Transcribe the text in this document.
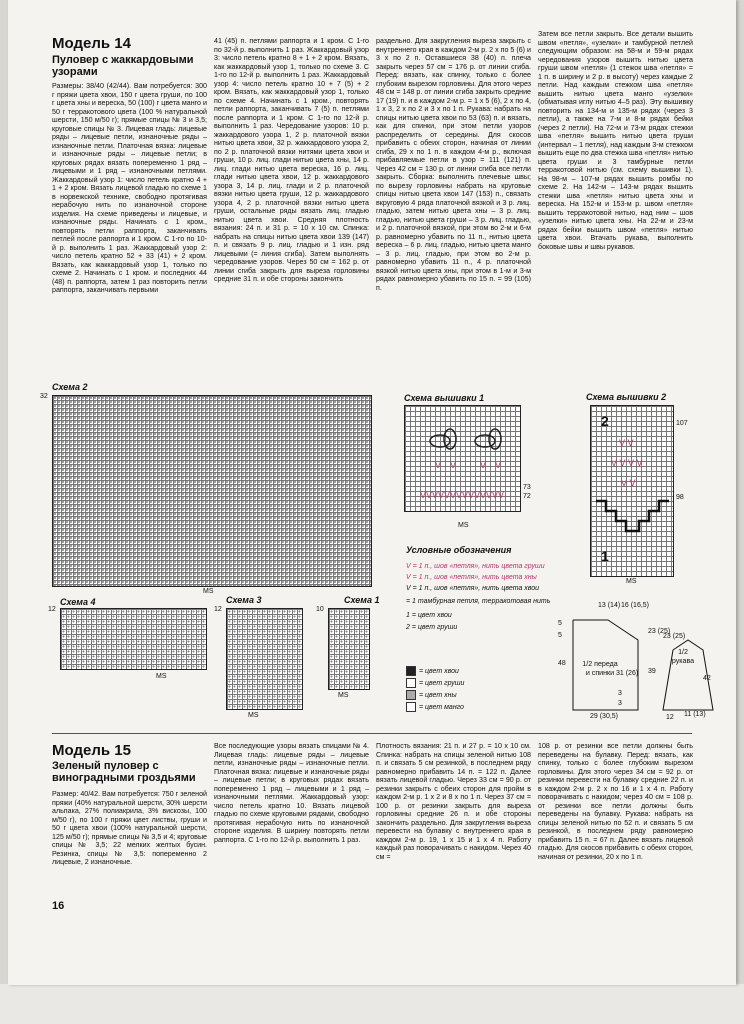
Модель 14
Пуловер с жаккардовыми узорами
Размеры: 38/40 (42/44). Вам потребуется: 300 г пряжи цвета хвои, 150 г цвета груши, по 100 г цвета хны и вереска, 50 (100) г цвета манго и 50 г терракотового цвета (100 % натуральной шерсти, 150 м/50 г); прямые спицы № 3 и 3,5; круговые спицы № 3. Лицевая гладь: лицевые ряды – лицевые петли, изнаночные ряды – изнаночные петли. Платочная вязка: лицевые и изнаночные ряды – лицевые петли; в круговых рядах вязать попеременно 1 ряд – лицевыми и 1 ряд – изнаночными петлями. Жаккардовый узор 1: число петель кратно 4 + 1 + 2 кром. Вязать лицевой гладью по схеме 1 в норвежской технике, свободно протягивая нерабочую нить по изнаночной стороне изделия. На схеме приведены и лицевые, и изнаночные ряды. Начинать с 1 кром., повторять петли раппорта, заканчивать петлей после раппорта и 1 кром. С 1-го по 10-й р. выполнить 1 раз. Жаккардовый узор 2: число петель кратно 52 + 33 (41) + 2 кром. Вязать, как жаккардовый узор 1, только по схеме 2. Начинать с 1 кром. и последних 44 (48) п. раппорта, затем 1 раз повторить петли раппорта, заканчивать первыми
41 (45) п. петлями раппорта и 1 кром. С 1-го по 32-й р. выполнить 1 раз. Жаккардовый узор 3: число петель кратно 8 + 1 + 2 кром. Вязать, как жаккардовый узор 1, только по схеме 3. С 1-го по 12-й р. выполнить 1 раз. Жаккардовый узор 4: число петель кратно 10 + 7 (5) + 2 кром. Вязать, как жаккардовый узор 1, только по схеме 4. Начинать с 1 кром., повторять петли раппорта, заканчивать 7 (5) п. петлями после раппорта и 1 кром. С 1-го по 12-й р. выполнить 1 раз. Чередование узоров: 10 р. жаккардового узора 1, 2 р. платочной вязки нитью цвета хвои, 32 р. жаккардового узора 2, по 2 р. платочной вязки нитями цвета хвои и груши, 10 р. лиц. глади нитью цвета хны, 14 р. лиц. глади нитью цвета вереска, 16 р. лиц. глади нитью цвета хвои, 12 р. жаккардового узора 3, 14 р. лиц. глади и 2 р. платочной вязки нитью цвета груши, 12 р. жаккардового узора 4, 2 р. платочной вязки нитью цвета груши, остальные ряды вязать лиц. гладью нитью цвета хвои. Средняя плотность вязания: 24 п. и 31 р. = 10 х 10 см. Спинка: набрать на спицы нитью цвета хвои 139 (147) п. и связать 9 р. лиц. гладью и 1 изн. ряд лицевыми (= линия сгиба). Затем выполнять чередование узоров. Через 50 см = 162 р. от линии сгиба закрыть для выреза горловины средние 31 п. и обе стороны закончить
раздельно. Для закругления выреза закрыть с внутреннего края в каждом 2-м р. 2 х по 5 (6) и 3 х по 2 п. Оставшиеся 38 (40) п. плеча закрыть через 57 см = 176 р. от линии сгиба. Перед: вязать, как спинку, только с более глубоким вырезом горловины. Для этого через 48 см = 148 р. от линии сгиба закрыть средние 17 (19) п. и в каждом 2-м р. = 1 х 5 (6), 2 х по 4, 1 х 3, 2 х по 2 и 3 х по 1 п. Рукава: набрать на спицы нитью цвета хвои по 53 (63) п. и вязать, как для спинки, при этом петли узоров распределить от середины. Для скосов прибавить с обеих сторон, начиная от линии сгиба, 29 х по 1 п. в каждом 4-м р., включая прибавляемые петли в узор = 111 (121) п. Через 42 см = 130 р. от линии сгиба все петли закрыть. Сборка: выполнить плечевые швы; по вырезу горловины набрать на круговые спицы нитью цвета хвои 147 (153) п., связать вкруговую 4 ряда платочной вязкой и 3 р. лиц. гладью, затем нитью цвета хны – 3 р. лиц. гладью, нитью цвета груши – 3 р. лиц. гладью, и 2 р. платочной вязкой, при этом во 2-м и 6-м р. равномерно убавить по 11 п., нитью цвета вереска – 6 р. лиц. гладью, нитью цвета манго – 3 р. лиц. гладью, при этом во 2-м р. равномерно убавить 11 п., 4 р. платочной вязкой нитью цвета хны, при этом в 1-м и 3-м рядах равномерно убавить по 15 п. = 99 (105) п.
Затем все петли закрыть. Все детали вышить швом «петля», «узелки» и тамбурной петлей следующим образом: на 58-м и 59-м рядах чередования узоров вышить нитью цвета груши швом «петля» (1 стежок шва «петля» = 1 п. в ширину и 2 р. в высоту) через каждые 2 петли. Над каждым стежком шва «петля» вышить нитью цвета манго «узелки» (обматывая иглу нитью 4–5 раз). Эту вышивку повторить на 134-м и 135-м рядах (через 3 петли), а также на 7-м и 8-м рядах бейки (через 2 петли). На 72-м и 73-м рядах стежки шва «петля» вышить нитью цвета груши (интервал – 1 петля), над каждым 3-м стежком вышить еще по два стежка шва «петля» нитью цвета груши и 3 тамбурные петли терракотовой нитью (см. схему вышивки 1). На 98-м – 107-м рядах вышить ромбы по схеме 2. На 142-м – 143-м рядах вышить стежки шва «петля» нитью цвета хны и вереска. На 152-м и 153-м р. швом «петля» вышить терракотовой нитью, над ним – шов «узелки» нитью цвета хны. На 22-м и 23-м рядах бейки вышить швом «петля» нитью цвета хвои. Втачать рукава, выполнить боковые швы и швы рукавов.
Схема 2
32
MS
Схема вышивки 1
V V	V V
VVVVVVVVVVVVVV
73
72
MS
Схема вышивки 2
2
1
V V
V V V V
V V
107
98
MS
Условные обозначения
V = 1 п., шов «петля», нить цвета груши
V = 1 п., шов «петля», нить цвета хны
V = 1 п., шов «петля», нить цвета хвои
= 1 тамбурная петля, терракотовая нить
1 = цвет хвои
2 = цвет груши
= цвет хвои
= цвет груши
= цвет хны
= цвет манго
Схема 4
12
MS
Схема 3
12
MS
Схема 1
10
MS
13 (14) 16 (16,5)
23 (25)
5
5
48
31 (26)
3
3
29 (30,5)
1/2 переда и спинки
23 (25)
1/2 рукава
39
42
12 11 (13)
Модель 15
Зеленый пуловер с виноградными гроздьями
Размер: 40/42. Вам потребуется: 750 г зеленой пряжи (40% натуральной шерсти, 30% шерсти альпака, 27% полиакрила, 3% вискозы, 100 м/50 г), по 100 г пряжи цвет листвы, груши и 50 г цвета хвои (100% натуральной шерсти, 125 м/50 г); прямые спицы № 3,5 и 4; круговые спицы № 3,5; 22 мелких желтых бусин. Резинка, спицы № 3,5: попеременно 2 лицевые, 2 изнаночные.
Все последующие узоры вязать спицами № 4. Лицевая гладь: лицевые ряды – лицевые петли, изнаночные ряды – изнаночные петли. Платочная вязка: лицевые и изнаночные ряды – лицевые петли; в круговых рядах вязать попеременно 1 ряд – лицевыми и 1 ряд – изнаночными петлями. Жаккардовый узор: число петель кратно 10. Вязать лицевой гладью по схеме круговыми рядами, свободно протягивая нерабочую нить по изнаночной стороне изделия. В ширину повторять петли раппорта. С 1-го по 12-й р. выполнить 1 раз.
Плотность вязания: 21 п. и 27 р. = 10 х 10 см. Спинка: набрать на спицы зеленой нитью 108 п. и связать 5 см резинкой, в последнем ряду равномерно прибавить 14 п. = 122 п. Далее вязать лицевой гладью. Через 33 см = 90 р. от резинки закрыть с обеих сторон для пройм в каждом 2-м р. 1 х 2 и 8 х по 1 п. Через 37 см = 100 р. от резинки закрыть для выреза горловины средние 26 п. и обе стороны закончить раздельно. Для закругления выреза перевести на булавку с внутреннего края в каждом 2-м р. 19, 1 х 15 и 1 х 4 п. Работу каждый раз поворачивать с накидом. Через 40 см =
108 р. от резинки все петли должны быть переведены на булавку. Перед: вязать, как спинку, только с более глубоким вырезом горловины. Для этого через 34 см = 92 р. от резинки перевести на булавку средние 22 п. и в каждом 2-м р. 2 х по 16 и 1 х 4 п. Работу поворачивать с накидом; через 40 см = 108 р. от резинки все петли должны быть переведены на булавку. Рукава: набрать на спицы зеленой нитью по 52 п. и связать 5 см резинкой, в последнем ряду равномерно прибавить 15 п. = 67 п. Далее вязать лицевой гладью. Для скосов прибавить с обеих сторон, начиная от резинки, 20 х по 1 п.
16
